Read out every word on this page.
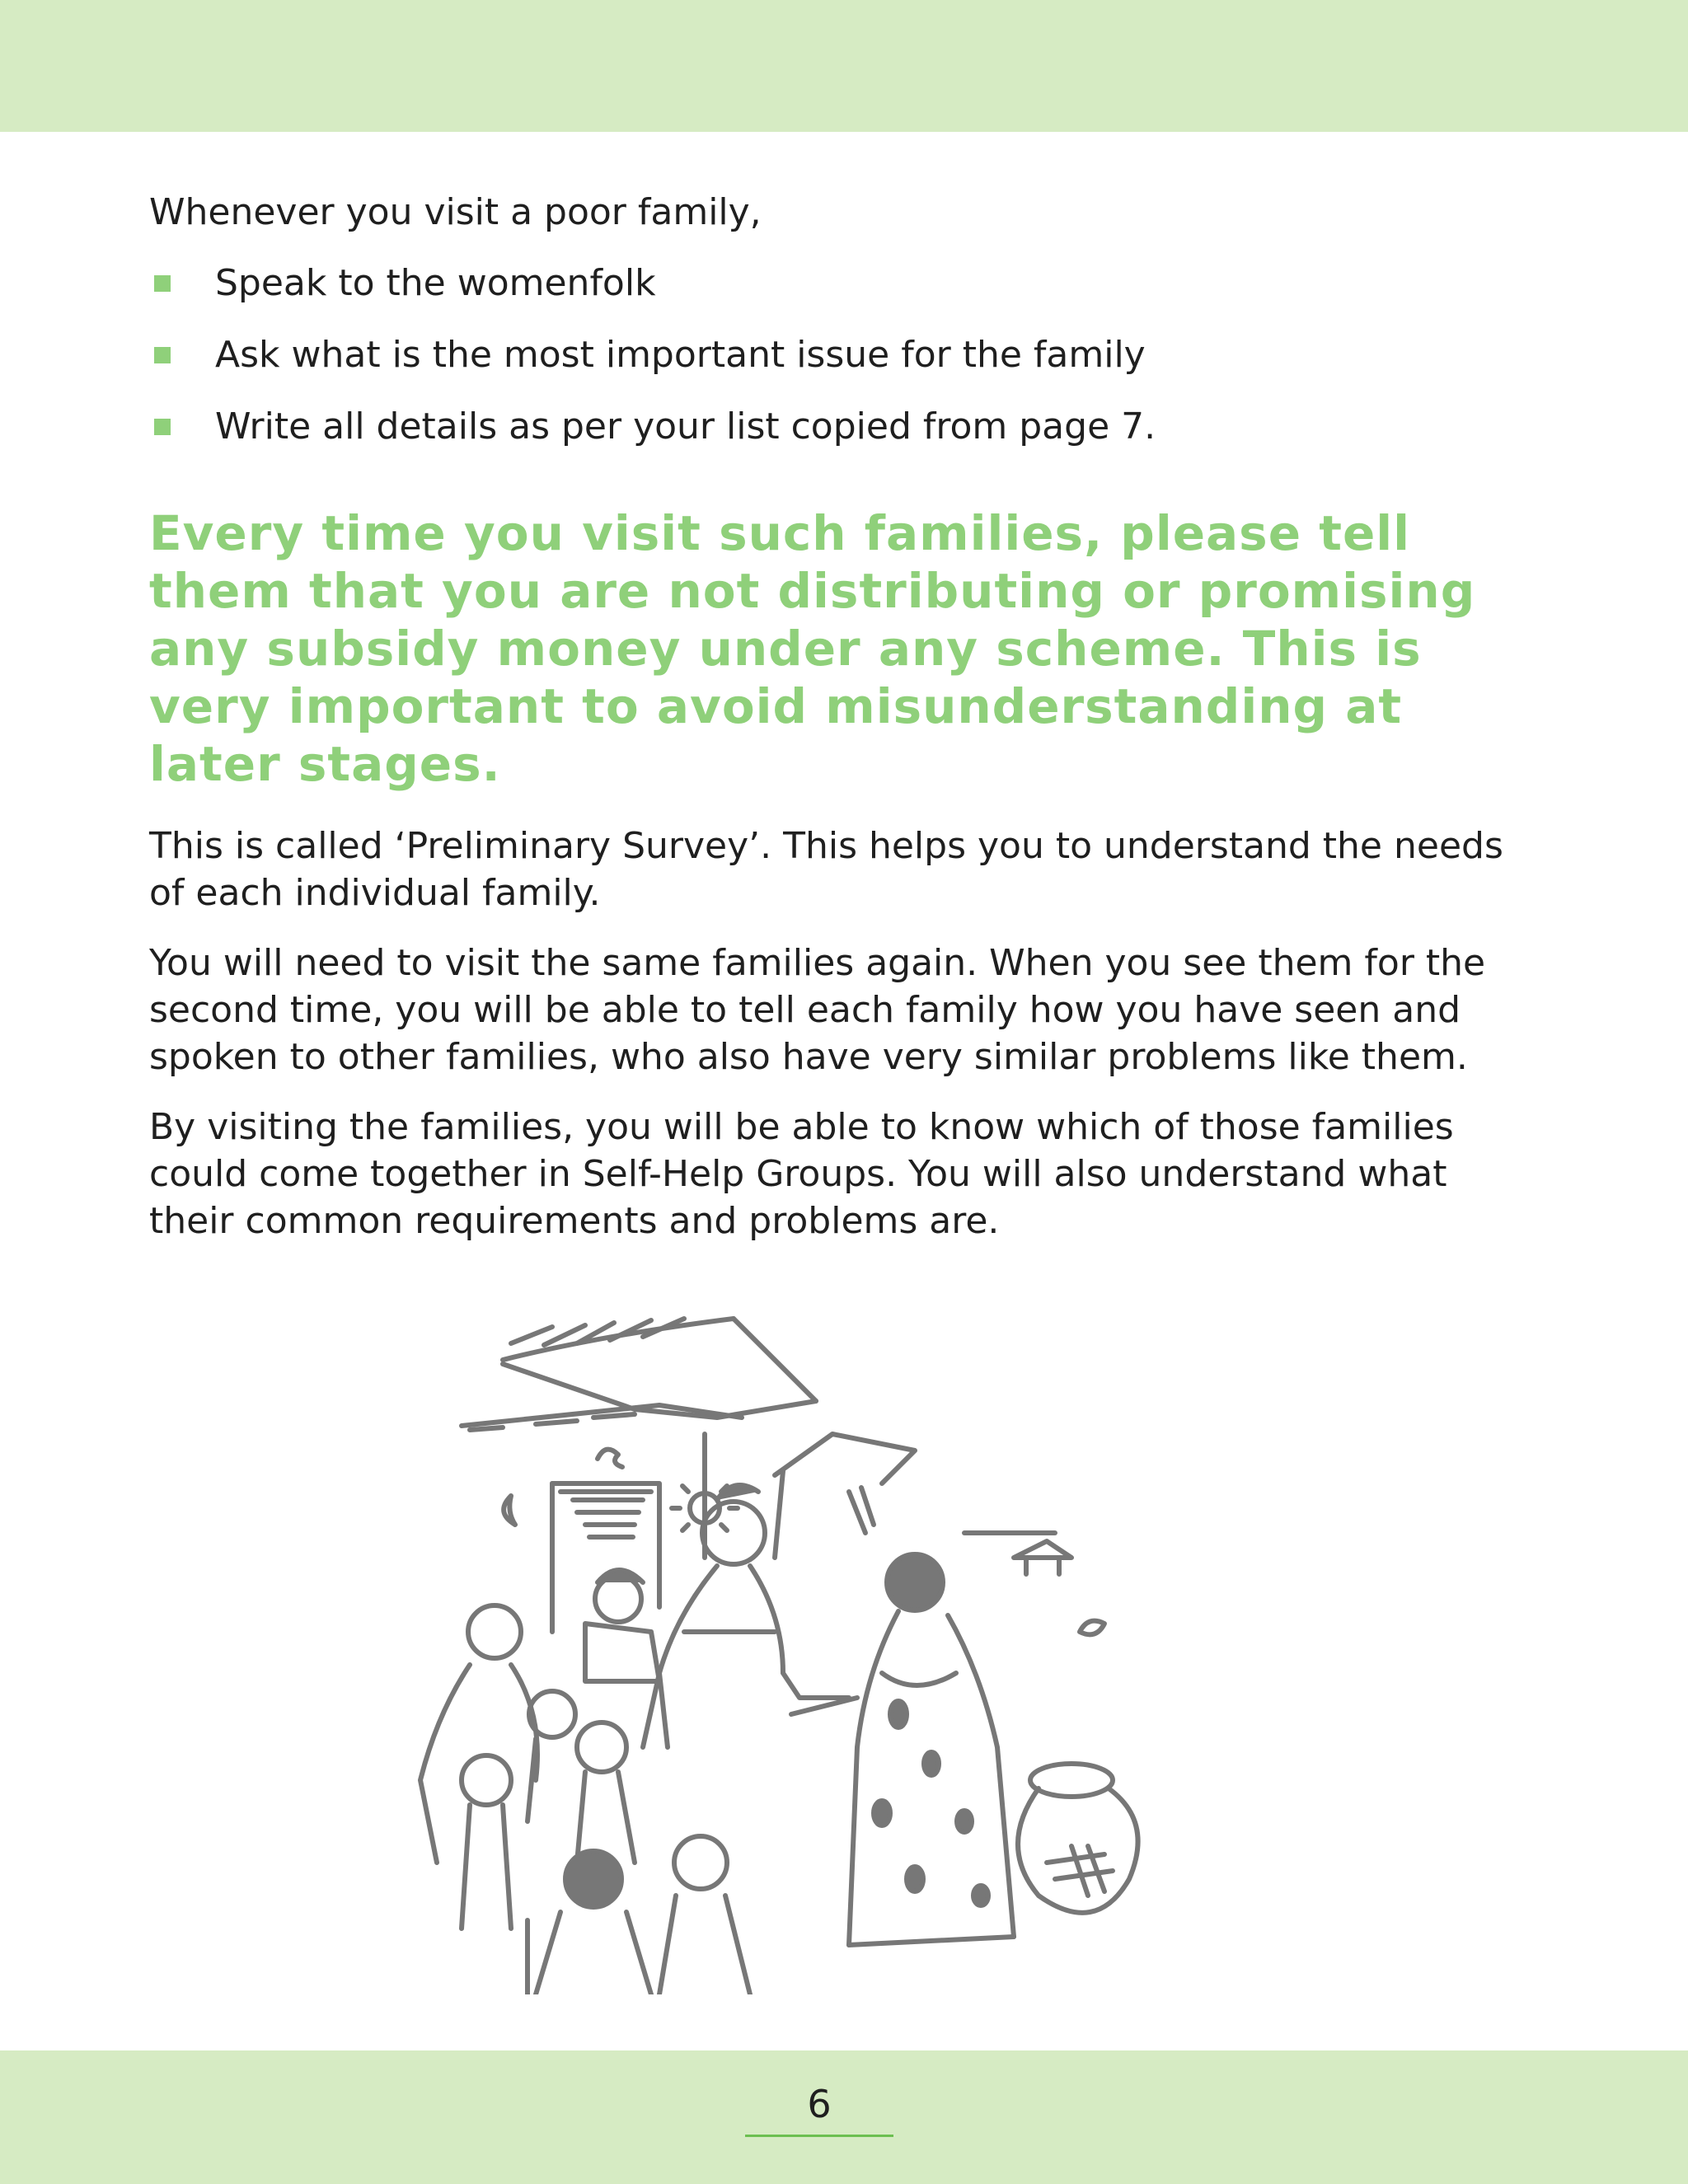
Whenever you visit a poor family,

Speak to the womenfolk
Ask what is the most important issue for the family
Write all details as per your list copied from page 7.
Every time you visit such families, please tell them that you are not distributing or promising any subsidy money under any scheme. This is very important to avoid misunderstanding at later stages.

This is called ‘Preliminary Survey’. This helps you to understand the needs of each individual family.

You will need to visit the same families again. When you see them for the second time, you will be able to tell each family how you have seen and spoken to other families, who also have very similar problems like them.

By visiting the families, you will be able to know which of those families could come together in Self-Help Groups. You will also understand what their common requirements and problems are.

6
